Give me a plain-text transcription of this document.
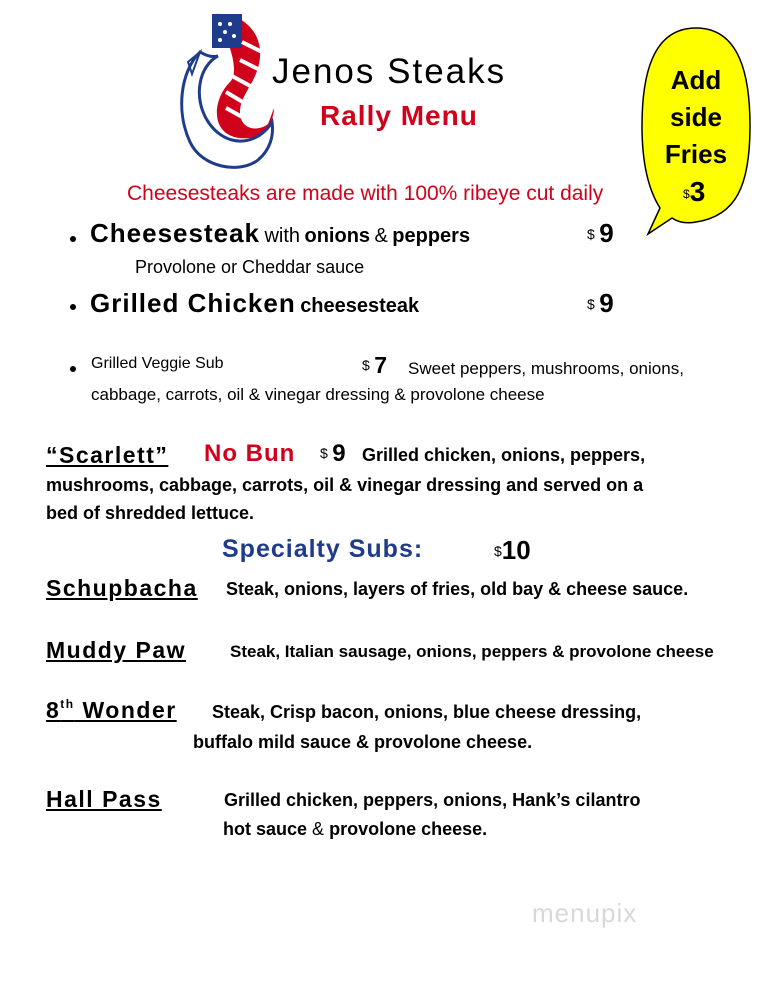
Jenos Steaks
Rally Menu
Add
side
Fries
$3
Cheesesteaks are made with 100% ribeye cut daily
Cheesesteak with onions & peppers	$ 9
Provolone or Cheddar sauce
Grilled Chicken cheesesteak	$ 9
Grilled Veggie Sub	$ 7 Sweet peppers, mushrooms, onions,
cabbage, carrots, oil & vinegar dressing & provolone cheese
“Scarlett” No Bun $ 9 Grilled chicken, onions, peppers,
mushrooms, cabbage, carrots, oil & vinegar dressing and served on a
bed of shredded lettuce.
Specialty Subs:	$10
Schupbacha Steak, onions, layers of fries, old bay & cheese sauce.
Muddy Paw	Steak, Italian sausage, onions, peppers & provolone cheese
8th Wonder Steak, Crisp bacon, onions, blue cheese dressing,
buffalo mild sauce & provolone cheese.
Hall Pass	Grilled chicken, peppers, onions, Hank’s cilantro
hot sauce & provolone cheese.
menupix
